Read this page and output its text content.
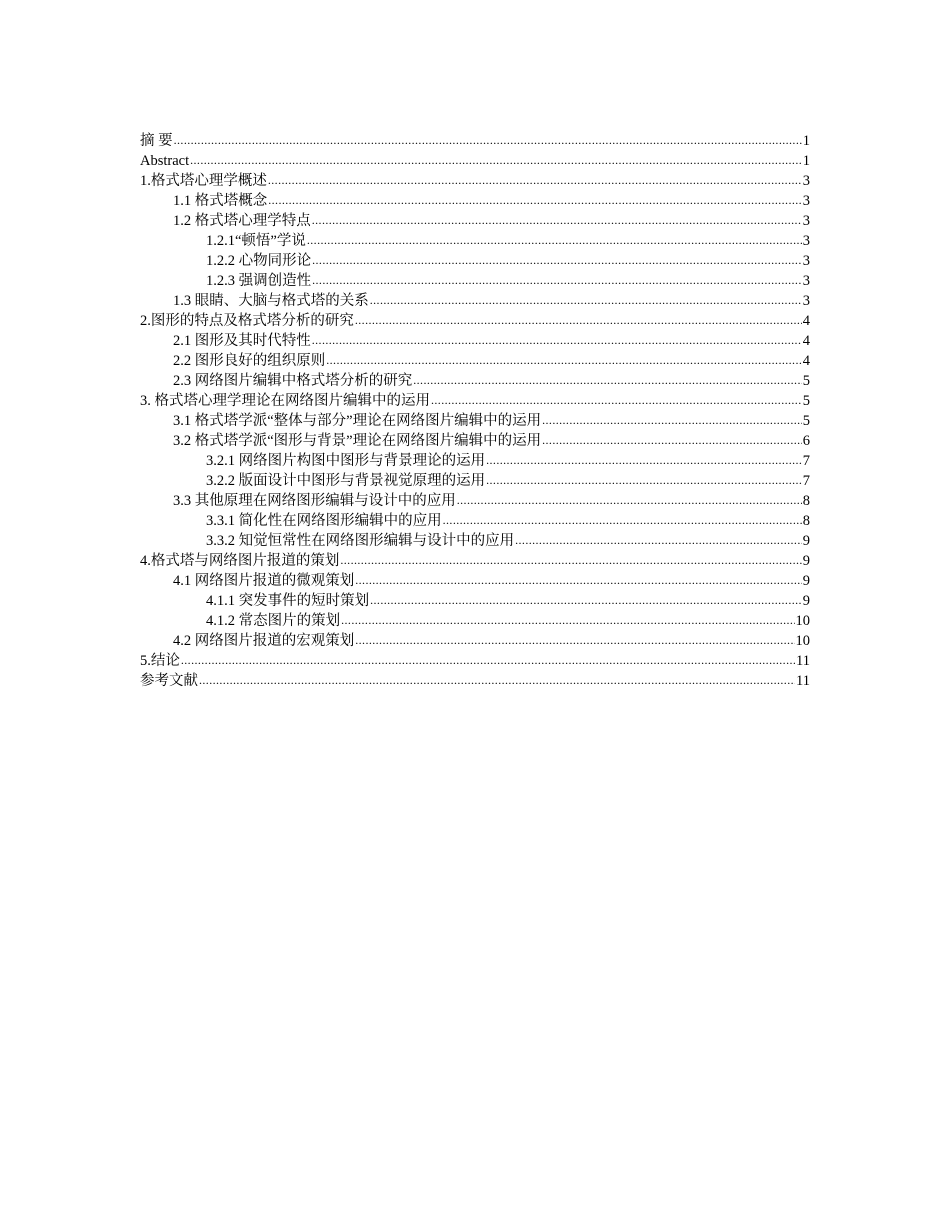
摘 要 .....	1
Abstract .....	1
1.格式塔心理学概述 .....	3
1.1 格式塔概念 .....	3
1.2 格式塔心理学特点 .....	3
1.2.1“顿悟”学说 .....	3
1.2.2 心物同形论 .....	3
1.2.3 强调创造性 .....	3
1.3 眼睛、大脑与格式塔的关系 .....	3
2.图形的特点及格式塔分析的研究 .....	4
2.1 图形及其时代特性 .....	4
2.2 图形良好的组织原则 .....	4
2.3 网络图片编辑中格式塔分析的研究 .....	5
3. 格式塔心理学理论在网络图片编辑中的运用 .....	5
3.1 格式塔学派“整体与部分”理论在网络图片编辑中的运用 .....	5
3.2 格式塔学派“图形与背景”理论在网络图片编辑中的运用 .....	6
3.2.1 网络图片构图中图形与背景理论的运用 .....	7
3.2.2 版面设计中图形与背景视觉原理的运用 .....	7
3.3 其他原理在网络图形编辑与设计中的应用 .....	8
3.3.1 简化性在网络图形编辑中的应用 .....	8
3.3.2 知觉恒常性在网络图形编辑与设计中的应用 .....	9
4.格式塔与网络图片报道的策划 .....	9
4.1 网络图片报道的微观策划 .....	9
4.1.1 突发事件的短时策划 .....	9
4.1.2 常态图片的策划 .....	10
4.2 网络图片报道的宏观策划 .....	10
5.结论 .....	11
参考文献 .....	11
